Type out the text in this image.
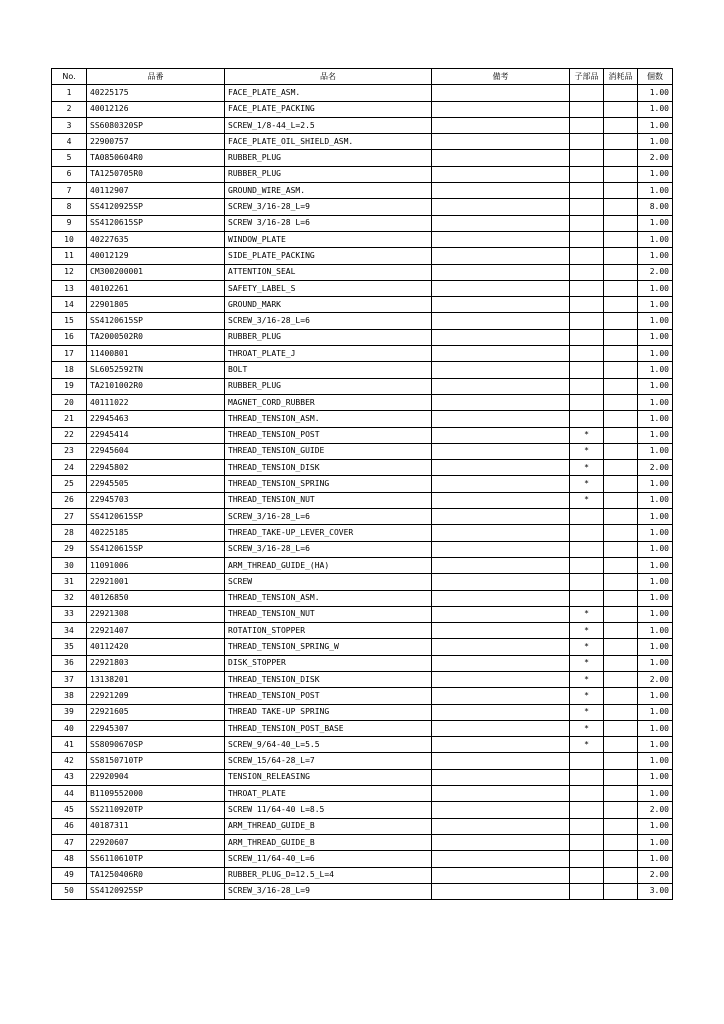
No.	品番	品名	備考	子部品	消耗品	個数
1	40225175	FACE_PLATE_ASM.				1.00
2	40012126	FACE_PLATE_PACKING				1.00
3	SS6080320SP	SCREW_1/8-44_L=2.5				1.00
4	22900757	FACE_PLATE_OIL_SHIELD_ASM.				1.00
5	TA0850604R0	RUBBER_PLUG				2.00
6	TA1250705R0	RUBBER_PLUG				1.00
7	40112907	GROUND_WIRE_ASM.				1.00
8	SS4120925SP	SCREW_3/16-28_L=9				8.00
9	SS4120615SP	SCREW 3/16-28 L=6				1.00
10	40227635	WINDOW_PLATE				1.00
11	40012129	SIDE_PLATE_PACKING				1.00
12	CM300200001	ATTENTION_SEAL				2.00
13	40102261	SAFETY_LABEL_S				1.00
14	22901805	GROUND_MARK				1.00
15	SS4120615SP	SCREW_3/16-28_L=6				1.00
16	TA2000502R0	RUBBER_PLUG				1.00
17	11400801	THROAT_PLATE_J				1.00
18	SL6052592TN	BOLT				1.00
19	TA2101002R0	RUBBER_PLUG				1.00
20	40111022	MAGNET_CORD_RUBBER				1.00
21	22945463	THREAD_TENSION_ASM.				1.00
22	22945414	THREAD_TENSION_POST		*		1.00
23	22945604	THREAD_TENSION_GUIDE		*		1.00
24	22945802	THREAD_TENSION_DISK		*		2.00
25	22945505	THREAD_TENSION_SPRING		*		1.00
26	22945703	THREAD_TENSION_NUT		*		1.00
27	SS4120615SP	SCREW_3/16-28_L=6				1.00
28	40225185	THREAD_TAKE-UP_LEVER_COVER				1.00
29	SS4120615SP	SCREW_3/16-28_L=6				1.00
30	11091006	ARM_THREAD_GUIDE_(HA)				1.00
31	22921001	SCREW				1.00
32	40126850	THREAD_TENSION_ASM.				1.00
33	22921308	THREAD_TENSION_NUT		*		1.00
34	22921407	ROTATION_STOPPER		*		1.00
35	40112420	THREAD_TENSION_SPRING_W		*		1.00
36	22921803	DISK_STOPPER		*		1.00
37	13138201	THREAD_TENSION_DISK		*		2.00
38	22921209	THREAD_TENSION_POST		*		1.00
39	22921605	THREAD TAKE-UP SPRING		*		1.00
40	22945307	THREAD_TENSION_POST_BASE		*		1.00
41	SS8090670SP	SCREW_9/64-40_L=5.5		*		1.00
42	SS8150710TP	SCREW_15/64-28_L=7				1.00
43	22920904	TENSION_RELEASING				1.00
44	B1109552000	THROAT_PLATE				1.00
45	SS2110920TP	SCREW 11/64-40 L=8.5				2.00
46	40187311	ARM_THREAD_GUIDE_B				1.00
47	22920607	ARM_THREAD_GUIDE_B				1.00
48	SS6110610TP	SCREW_11/64-40_L=6				1.00
49	TA1250406R0	RUBBER_PLUG_D=12.5_L=4				2.00
50	SS4120925SP	SCREW_3/16-28_L=9				3.00
